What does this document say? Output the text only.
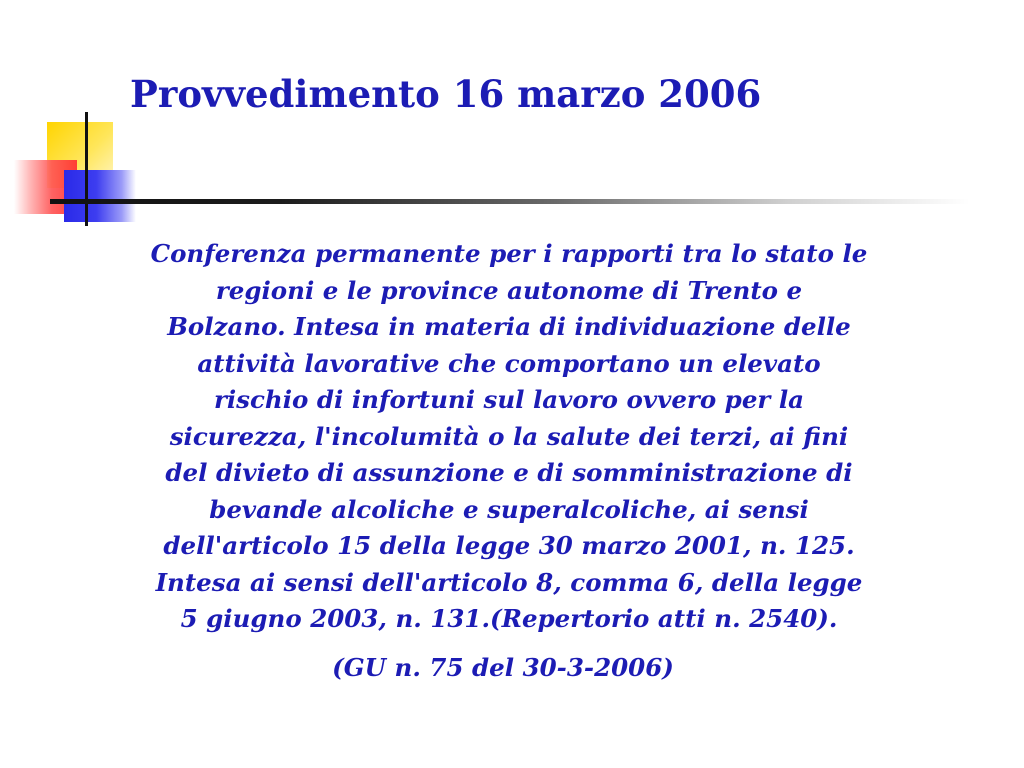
Provvedimento 16 marzo 2006

Conferenza permanente per i rapporti tra lo stato le
regioni e le province autonome di Trento e
Bolzano. Intesa in materia di individuazione delle
attività lavorative che comportano un elevato
rischio di infortuni sul lavoro ovvero per la
sicurezza, l'incolumità o la salute dei terzi, ai fini
del divieto di assunzione e di somministrazione di
bevande alcoliche e superalcoliche, ai sensi
dell'articolo 15 della legge 30 marzo 2001, n. 125.
Intesa ai sensi dell'articolo 8, comma 6, della legge
5 giugno 2003, n. 131.(Repertorio atti n. 2540).

(GU n. 75 del 30-3-2006)
